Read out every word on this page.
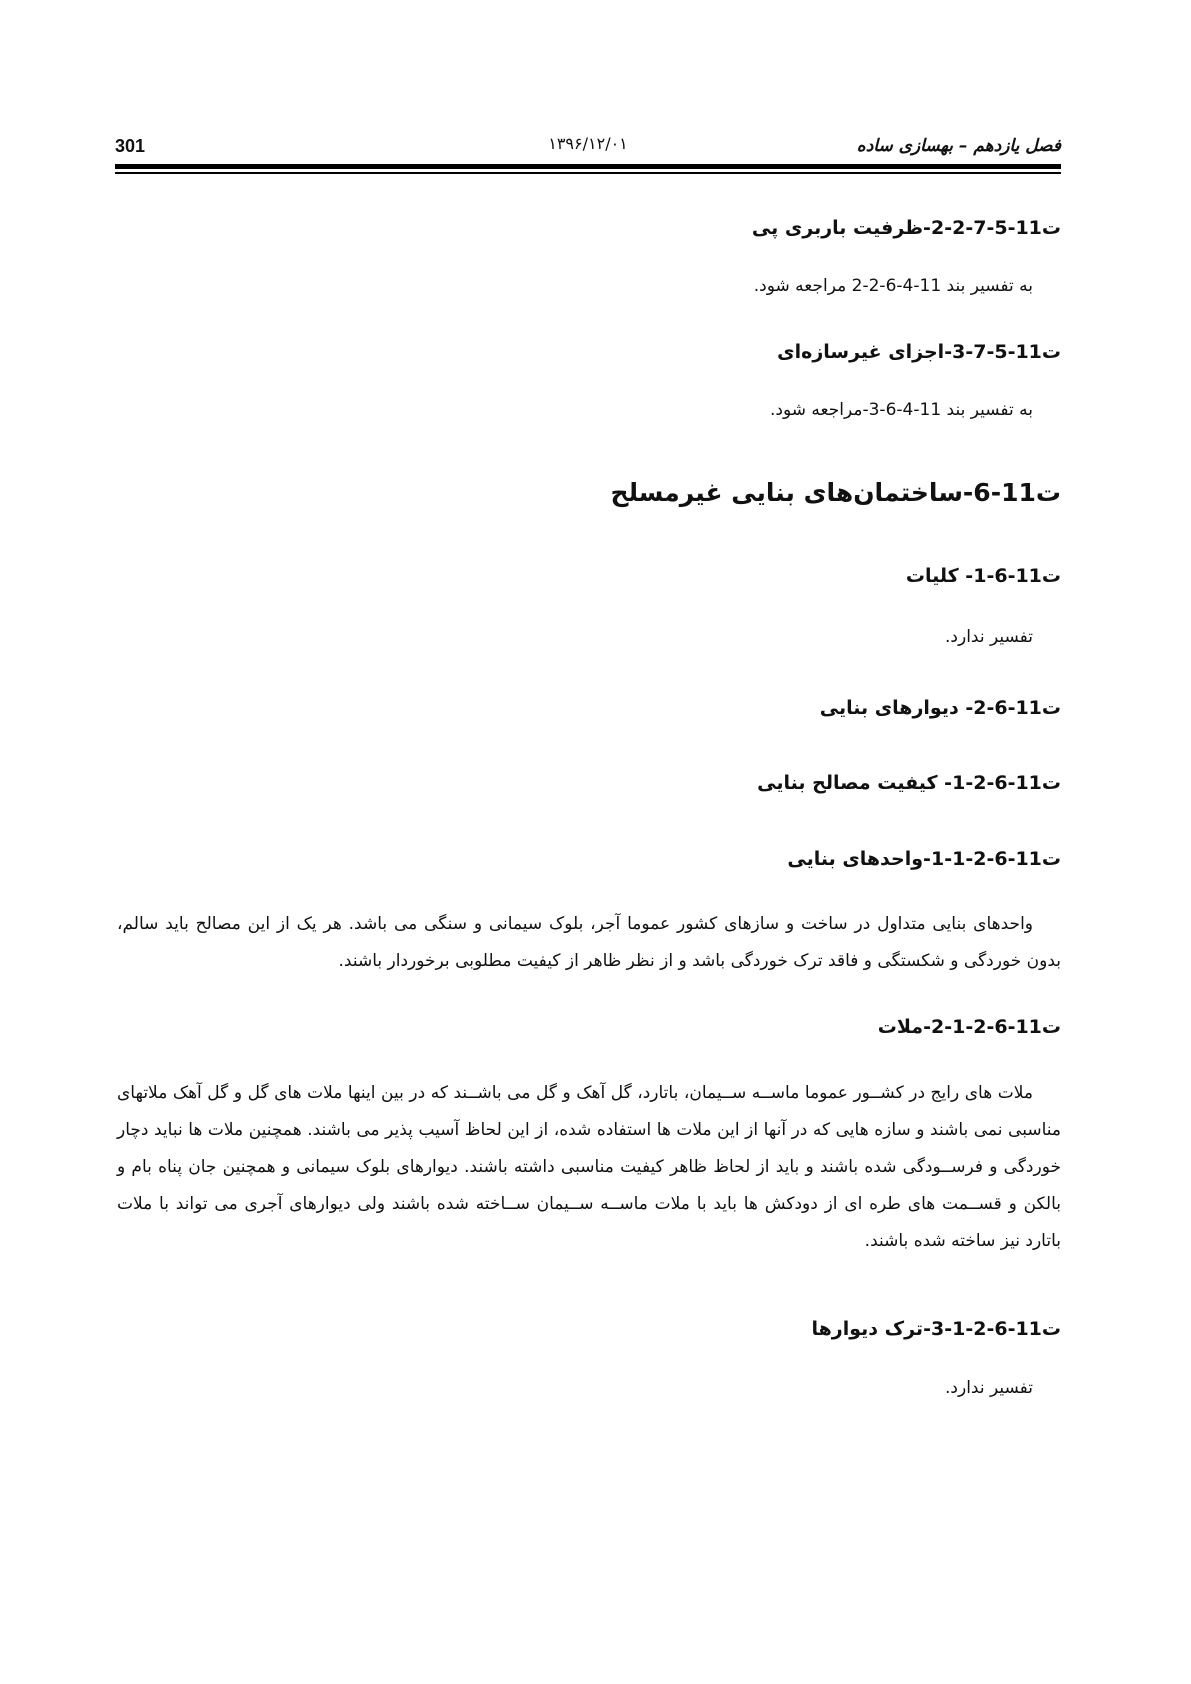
301	۱۳۹۶/۱۲/۰۱	فصل یازدهم – بهسازی ساده
ت11-5-7-2-2-ظرفیت باربری پی
به تفسیر بند 11-4-6-2-2 مراجعه شود.
ت11-5-7-3-اجزای غیرسازه‌ای
به تفسیر بند 11-4-6-3-مراجعه شود.
ت11-6-ساختمان‌های بنایی غیرمسلح
ت11-6-1- کلیات
تفسیر ندارد.
ت11-6-2- دیوارهای بنایی
ت11-6-2-1- کیفیت مصالح بنایی
ت11-6-2-1-1-واحدهای بنایی
واحدهای بنایی متداول در ساخت و سازهای کشور عموما آجر، بلوک سیمانی و سنگی می باشد. هر یک از این مصالح باید سالم، بدون خوردگی و شکستگی و فاقد ترک خوردگی باشد و از نظر ظاهر از کیفیت مطلوبی برخوردار باشند.
ت11-6-2-1-2-ملات
ملات های رایج در کشــور عموما ماســه ســیمان، باتارد، گل آهک و گل می باشــند که در بین اینها ملات های گل و گل آهک ملاتهای مناسبی نمی باشند و سازه هایی که در آنها از این ملات ها استفاده شده، از این لحاظ آسیب پذیر می باشند. همچنین ملات ها نباید دچار خوردگی و فرســودگی شده باشند و باید از لحاظ ظاهر کیفیت مناسبی داشته باشند. دیوارهای بلوک سیمانی و همچنین جان پناه بام و بالکن و قســمت های طره ای از دودکش ها باید با ملات ماســه ســیمان ســاخته شده باشند ولی دیوارهای آجری می تواند با ملات باتارد نیز ساخته شده باشند.
ت11-6-2-1-3-ترک دیوارها
تفسیر ندارد.
